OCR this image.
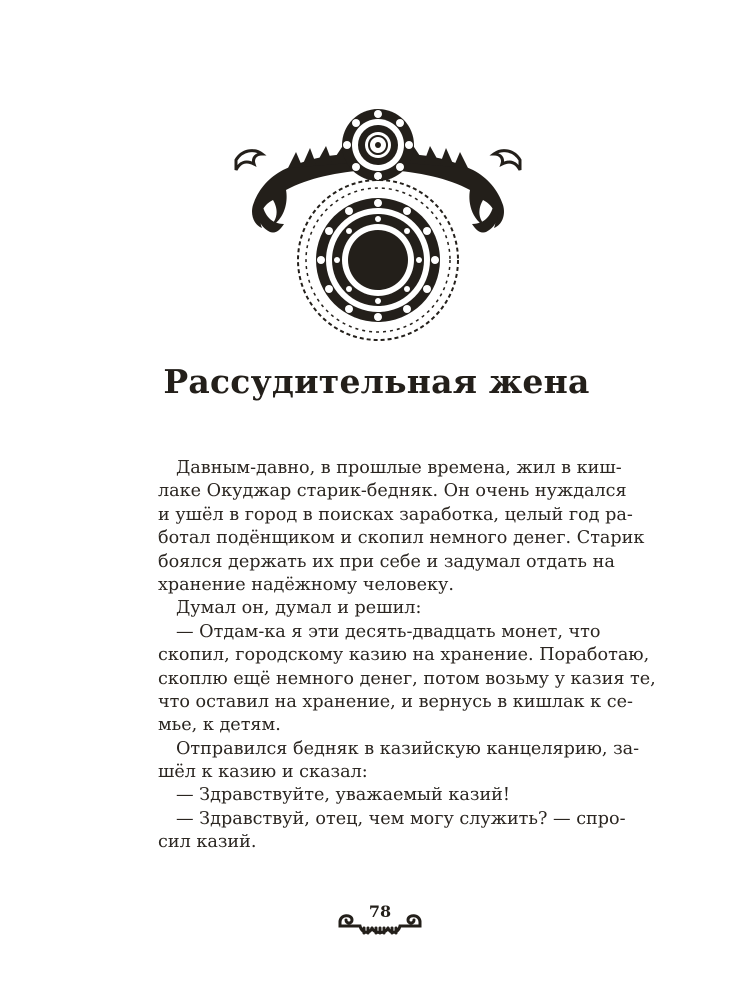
Рассудительная жена
Давным-давно, в прошлые времена, жил в киш-
лаке Окуджар старик-бедняк. Он очень нуждался
и ушёл в город в поисках заработка, целый год ра-
ботал подёнщиком и скопил немного денег. Старик
боялся держать их при себе и задумал отдать на
хранение надёжному человеку.
Думал он, думал и решил:
— Отдам-ка я эти десять-двадцать монет, что
скопил, городскому казию на хранение. Поработаю,
скоплю ещё немного денег, потом возьму у казия те,
что оставил на хранение, и вернусь в кишлак к се-
мье, к детям.
Отправился бедняк в казийскую канцелярию, за-
шёл к казию и сказал:
— Здравствуйте, уважаемый казий!
— Здравствуй, отец, чем могу служить? — спро-
сил казий.
78
